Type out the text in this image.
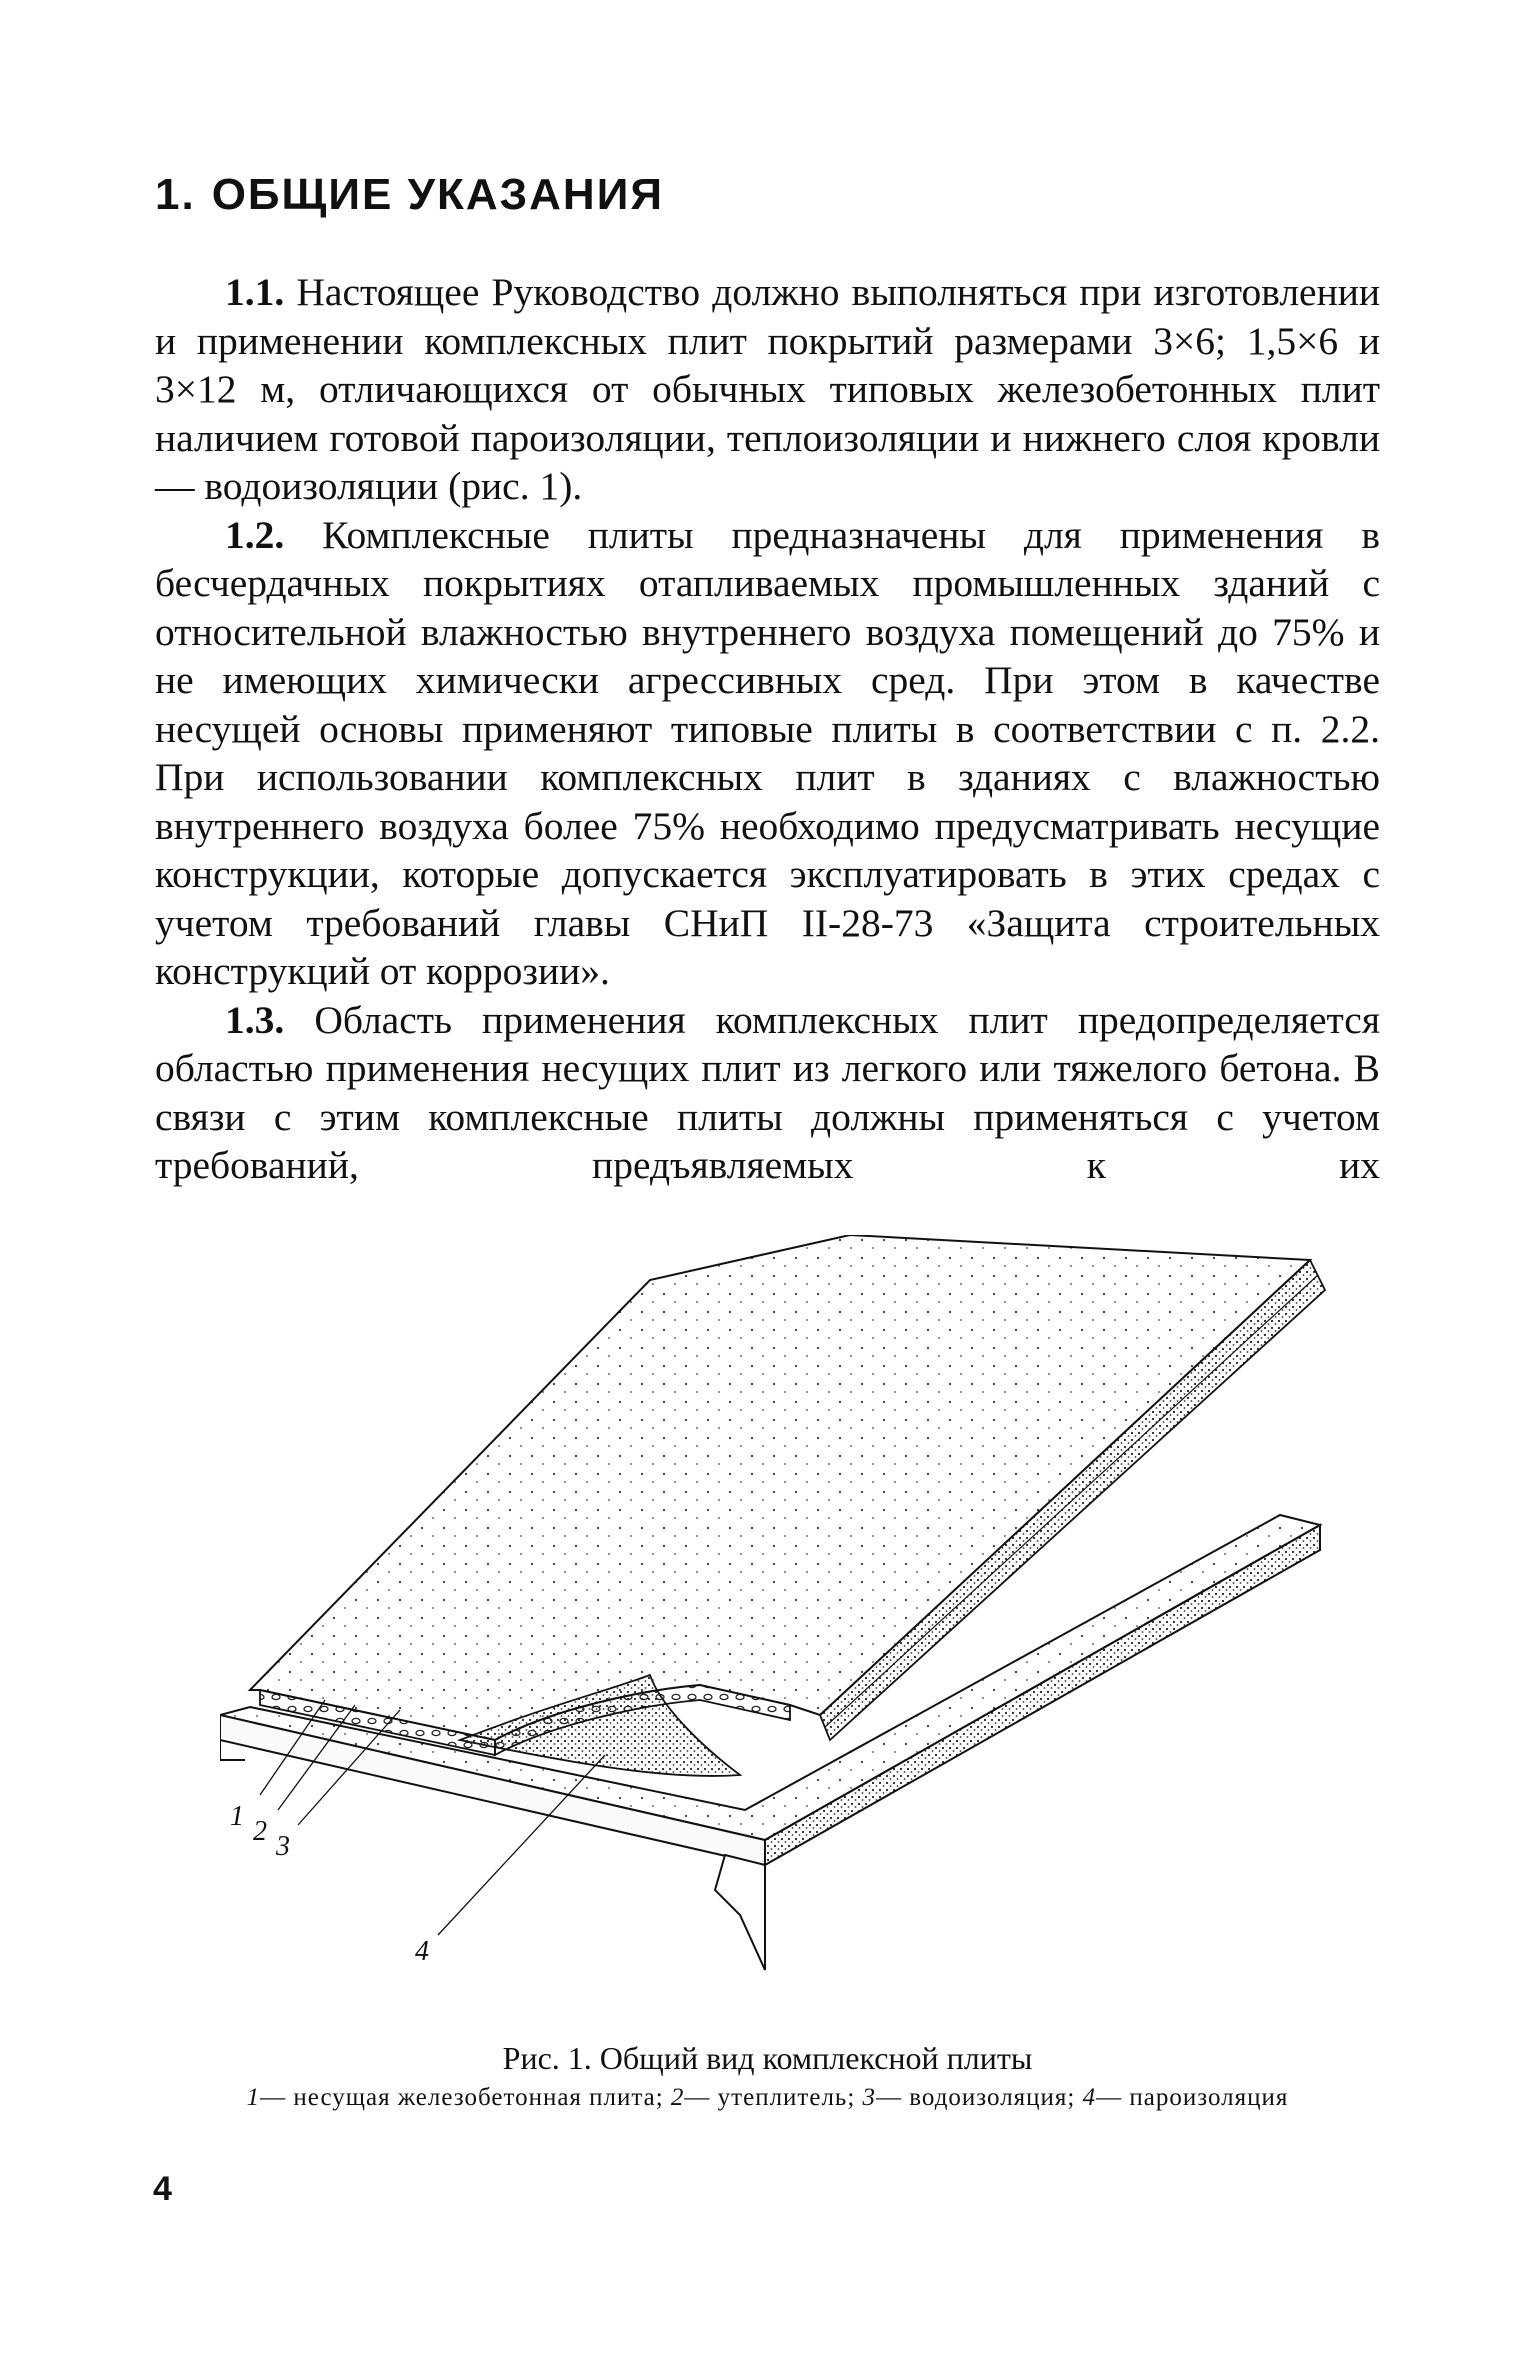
1. ОБЩИЕ УКАЗАНИЯ

1.1. Настоящее Руководство должно выполняться при изготовлении и применении комплексных плит покрытий размерами 3×6; 1,5×6 и 3×12 м, отличающихся от обычных типовых железобетонных плит наличием готовой пароизоляции, теплоизоляции и нижнего слоя кровли — водоизоляции (рис. 1).

1.2. Комплексные плиты предназначены для применения в бесчердачных покрытиях отапливаемых промышленных зданий с относительной влажностью внутреннего воздуха помещений до 75% и не имеющих химически агрессивных сред. При этом в качестве несущей основы применяют типовые плиты в соответствии с п. 2.2. При использовании комплексных плит в зданиях с влажностью внутреннего воздуха более 75% необходимо предусматривать несущие конструкции, которые допускается эксплуатировать в этих средах с учетом требований главы СНиП II-28-73 «Защита строительных конструкций от коррозии».

1.3. Область применения комплексных плит предопределяется областью применения несущих плит из легкого или тяжелого бетона. В связи с этим комплексные плиты должны применяться с учетом требований, предъявляемых к их

1 2 3
4

Рис. 1. Общий вид комплексной плиты

1— несущая железобетонная плита; 2— утеплитель; 3— водоизоляция; 4— пароизоляция

4
